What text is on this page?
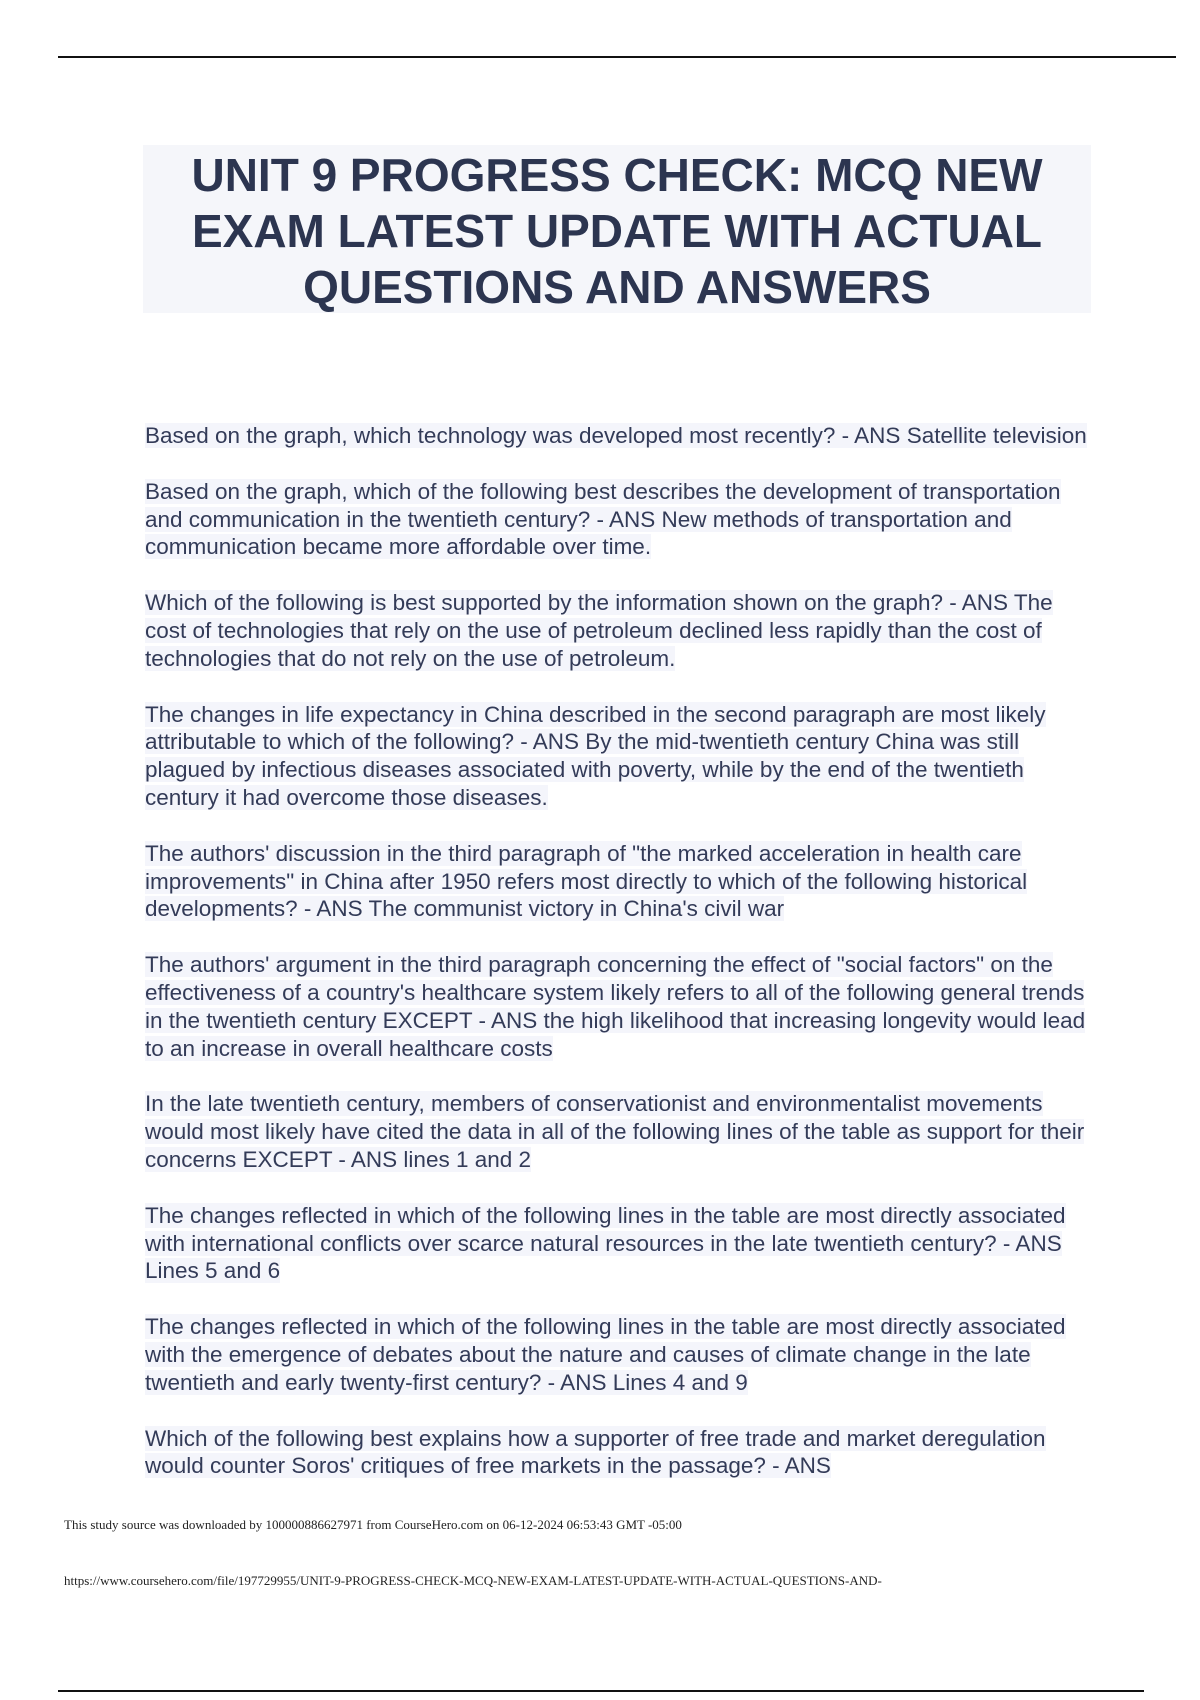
UNIT 9 PROGRESS CHECK: MCQ NEW EXAM LATEST UPDATE WITH ACTUAL QUESTIONS AND ANSWERS

Based on the graph, which technology was developed most recently? - ANS Satellite television

Based on the graph, which of the following best describes the development of transportation and communication in the twentieth century? - ANS New methods of transportation and communication became more affordable over time.

Which of the following is best supported by the information shown on the graph? - ANS The cost of technologies that rely on the use of petroleum declined less rapidly than the cost of technologies that do not rely on the use of petroleum.

The changes in life expectancy in China described in the second paragraph are most likely attributable to which of the following? - ANS By the mid-twentieth century China was still plagued by infectious diseases associated with poverty, while by the end of the twentieth century it had overcome those diseases.

The authors' discussion in the third paragraph of "the marked acceleration in health care improvements" in China after 1950 refers most directly to which of the following historical developments? - ANS The communist victory in China's civil war

The authors' argument in the third paragraph concerning the effect of "social factors" on the effectiveness of a country's healthcare system likely refers to all of the following general trends in the twentieth century EXCEPT - ANS the high likelihood that increasing longevity would lead to an increase in overall healthcare costs

In the late twentieth century, members of conservationist and environmentalist movements would most likely have cited the data in all of the following lines of the table as support for their concerns EXCEPT - ANS lines 1 and 2

The changes reflected in which of the following lines in the table are most directly associated with international conflicts over scarce natural resources in the late twentieth century? - ANS Lines 5 and 6

The changes reflected in which of the following lines in the table are most directly associated with the emergence of debates about the nature and causes of climate change in the late twentieth and early twenty-first century? - ANS Lines 4 and 9

Which of the following best explains how a supporter of free trade and market deregulation would counter Soros' critiques of free markets in the passage? - ANS

This study source was downloaded by 100000886627971 from CourseHero.com on 06-12-2024 06:53:43 GMT -05:00
https://www.coursehero.com/file/197729955/UNIT-9-PROGRESS-CHECK-MCQ-NEW-EXAM-LATEST-UPDATE-WITH-ACTUAL-QUESTIONS-AND-
